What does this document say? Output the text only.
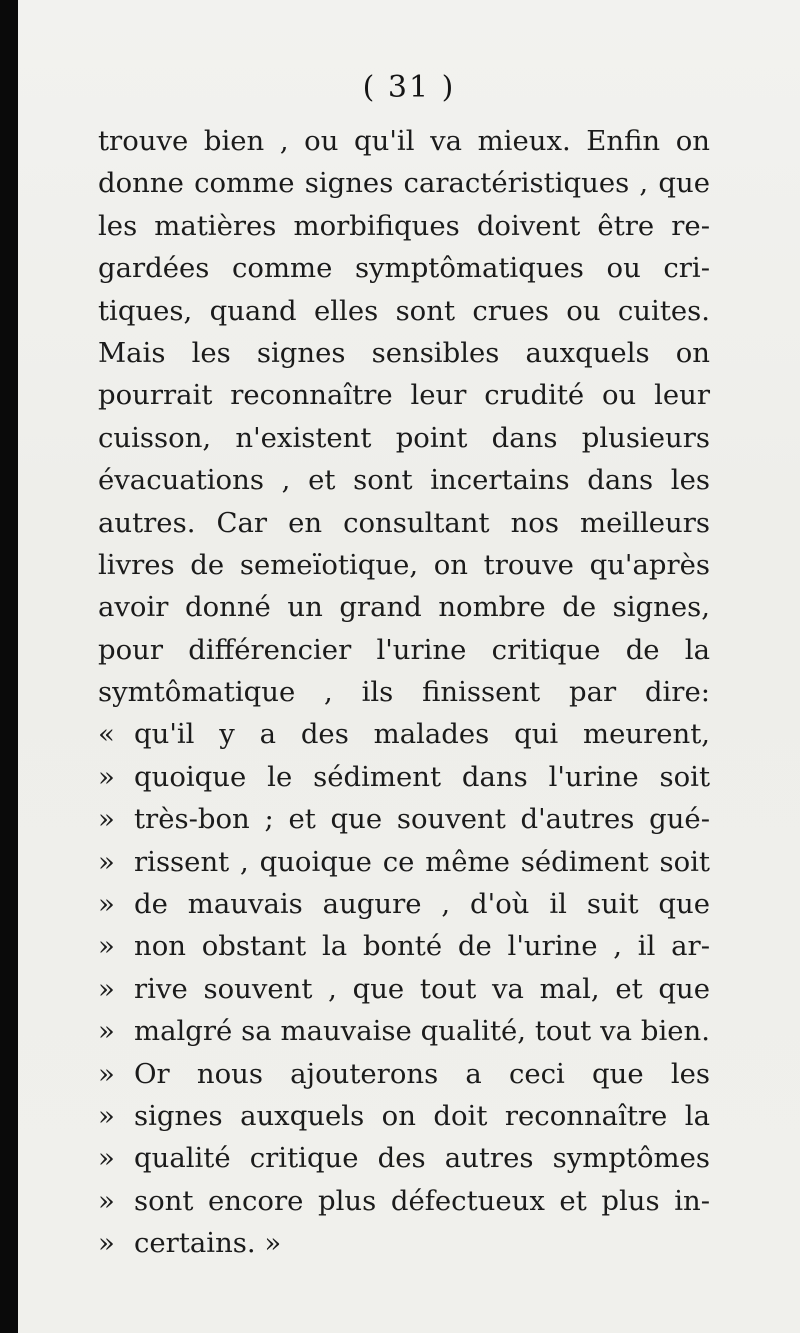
( 31 )
trouve bien , ou qu'il va mieux. Enfin on
donne comme signes caractéristiques , que
les matières morbifiques doivent être re-
gardées comme symptômatiques ou cri-
tiques, quand elles sont crues ou cuites.
Mais les signes sensibles auxquels on
pourrait reconnaître leur crudité ou leur
cuisson, n'existent point dans plusieurs
évacuations , et sont incertains dans les
autres. Car en consultant nos meilleurs
livres de semeïotique, on trouve qu'après
avoir donné un grand nombre de signes,
pour différencier l'urine critique de la
symtômatique , ils finissent par dire:
« qu'il y a des malades qui meurent,
» quoique le sédiment dans l'urine soit
» très-bon ; et que souvent d'autres gué-
» rissent , quoique ce même sédiment soit
» de mauvais augure , d'où il suit que
» non obstant la bonté de l'urine , il ar-
» rive souvent , que tout va mal, et que
» malgré sa mauvaise qualité, tout va bien.
» Or nous ajouterons a ceci que les
» signes auxquels on doit reconnaître la
» qualité critique des autres symptômes
» sont encore plus défectueux et plus in-
» certains. »
